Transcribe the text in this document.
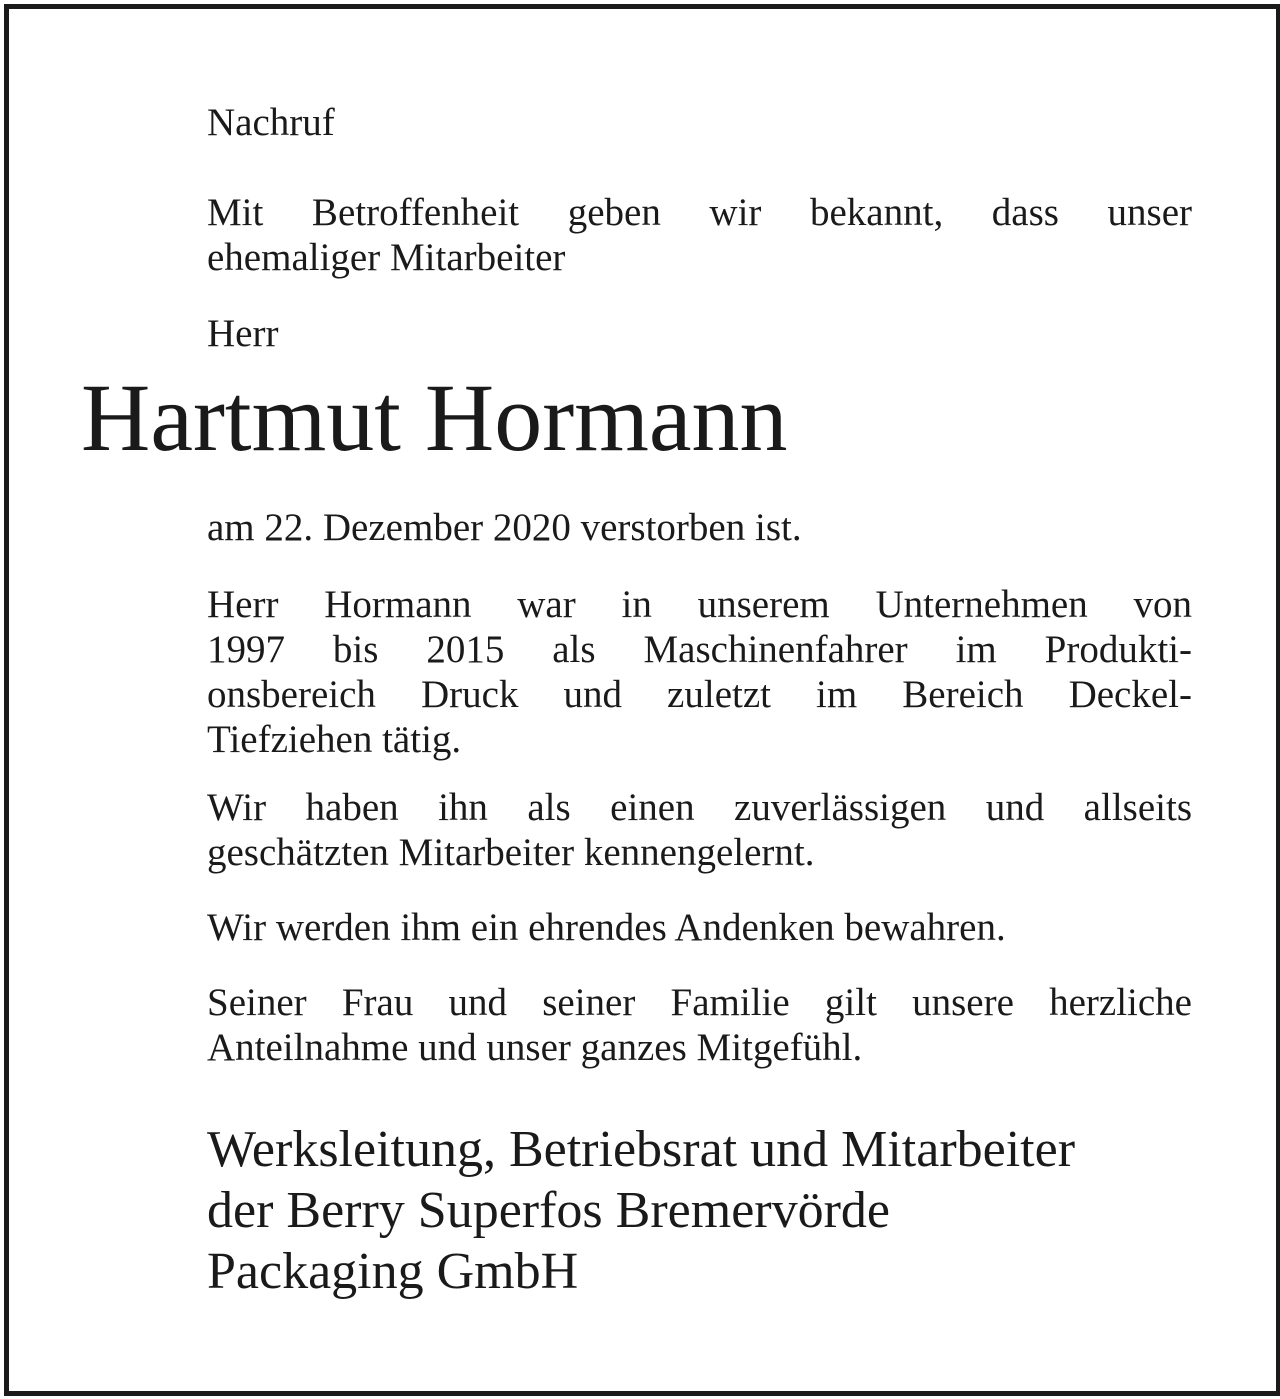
Nachruf
Mit Betroffenheit geben wir bekannt, dass unser
ehemaliger Mitarbeiter
Herr
Hartmut Hormann
am 22. Dezember 2020 verstorben ist.
Herr Hormann war in unserem Unternehmen von
1997 bis 2015 als Maschinenfahrer im Produkti-
onsbereich Druck und zuletzt im Bereich Deckel-
Tiefziehen tätig.
Wir haben ihn als einen zuverlässigen und allseits
geschätzten Mitarbeiter kennengelernt.
Wir werden ihm ein ehrendes Andenken bewahren.
Seiner Frau und seiner Familie gilt unsere herzliche
Anteilnahme und unser ganzes Mitgefühl.
Werksleitung, Betriebsrat und Mitarbeiter
der Berry Superfos Bremervörde
Packaging GmbH
